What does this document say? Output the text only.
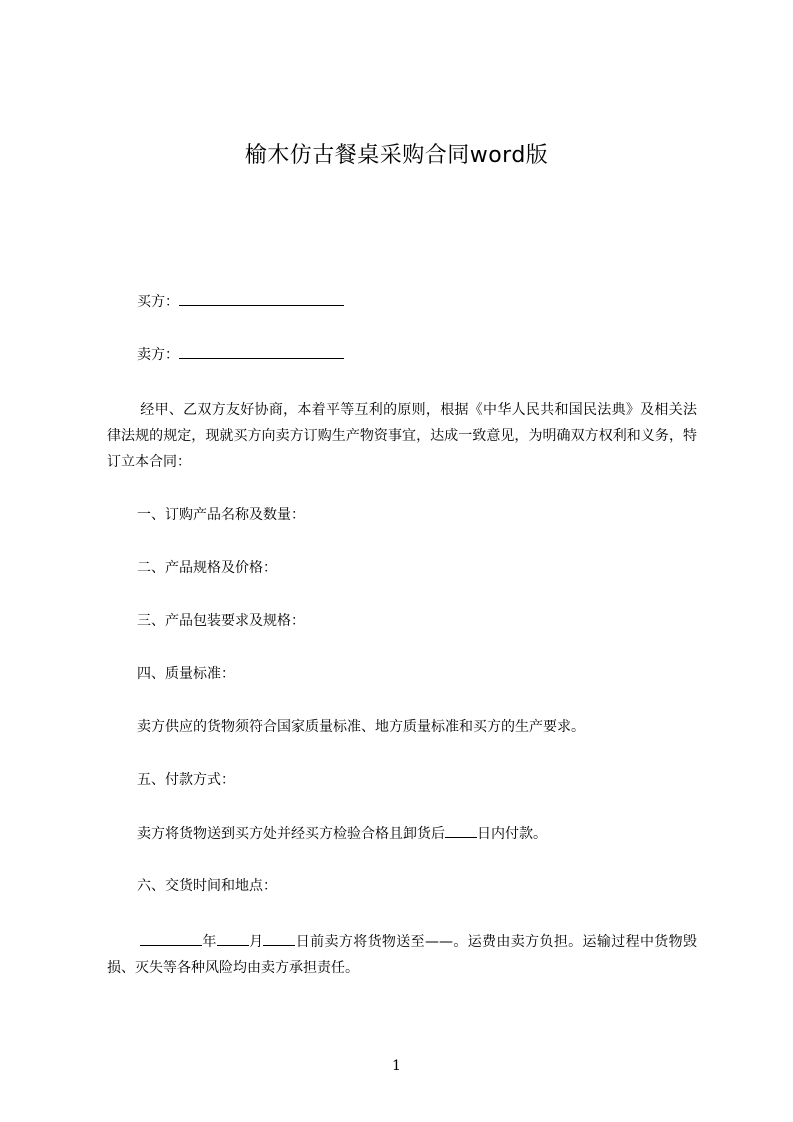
榆木仿古餐桌采购合同word版
买方：
卖方：
经甲、乙双方友好协商，本着平等互利的原则，根据《中华人民共和国民法典》及相关法律法规的规定，现就买方向卖方订购生产物资事宜，达成一致意见，为明确双方权利和义务，特订立本合同：
一、订购产品名称及数量：
二、产品规格及价格：
三、产品包装要求及规格：
四、质量标准：
卖方供应的货物须符合国家质量标准、地方质量标准和买方的生产要求。
五、付款方式：
卖方将货物送到买方处并经买方检验合格且卸货后 日内付款。
六、交货时间和地点：
年 月 日前卖方将货物送至——。运费由卖方负担。运输过程中货物毁损、灭失等各种风险均由卖方承担责任。
1
